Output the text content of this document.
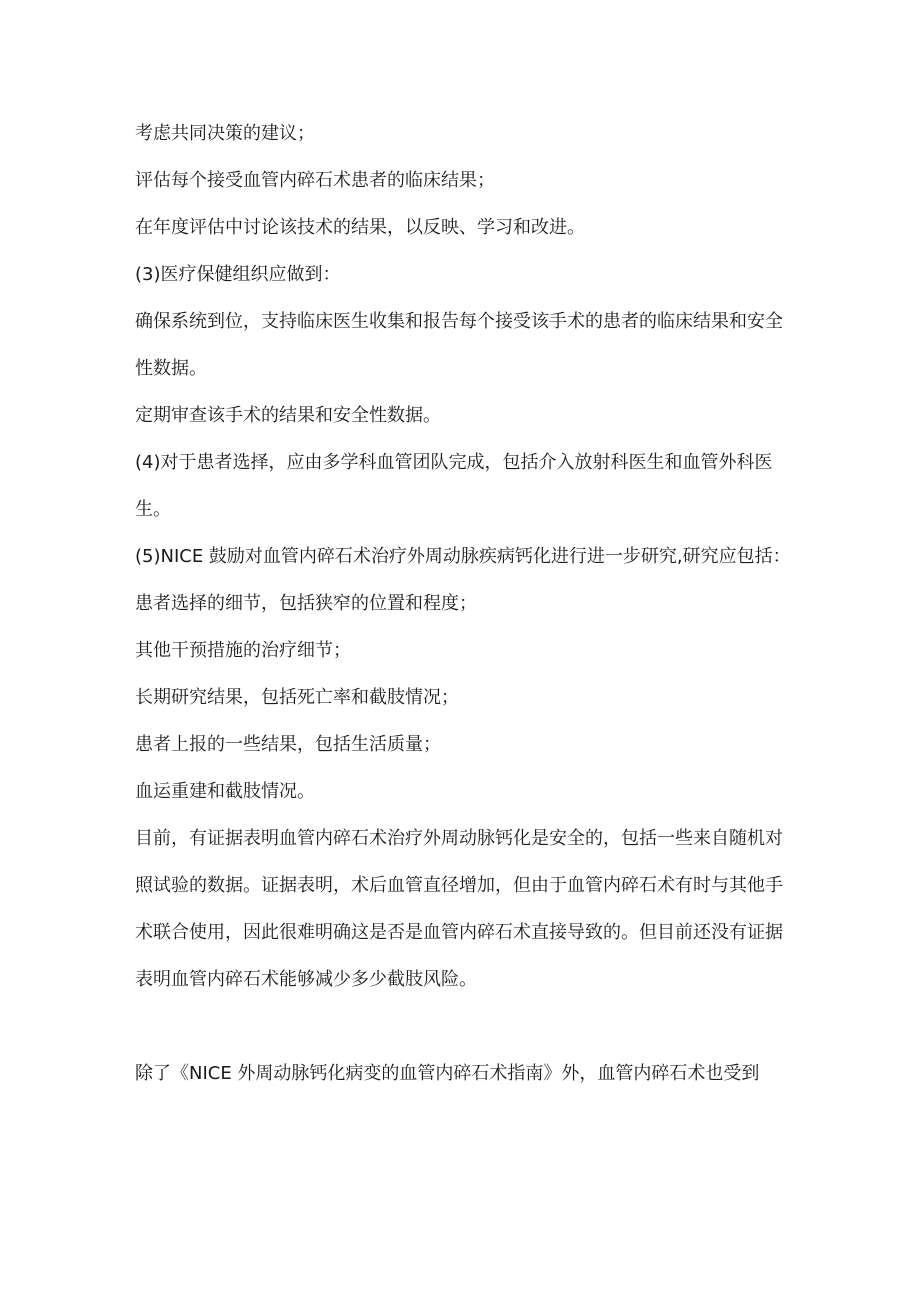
考虑共同决策的建议；

评估每个接受血管内碎石术患者的临床结果；

在年度评估中讨论该技术的结果，以反映、学习和改进。

(3)医疗保健组织应做到：

确保系统到位，支持临床医生收集和报告每个接受该手术的患者的临床结果和安全性数据。

定期审查该手术的结果和安全性数据。

(4)对于患者选择，应由多学科血管团队完成，包括介入放射科医生和血管外科医生。

(5)NICE 鼓励对血管内碎石术治疗外周动脉疾病钙化进行进一步研究,研究应包括：

患者选择的细节，包括狭窄的位置和程度；

其他干预措施的治疗细节；

长期研究结果，包括死亡率和截肢情况；

患者上报的一些结果，包括生活质量；

血运重建和截肢情况。

目前，有证据表明血管内碎石术治疗外周动脉钙化是安全的，包括一些来自随机对照试验的数据。证据表明，术后血管直径增加，但由于血管内碎石术有时与其他手术联合使用，因此很难明确这是否是血管内碎石术直接导致的。但目前还没有证据表明血管内碎石术能够减少多少截肢风险。

除了《NICE 外周动脉钙化病变的血管内碎石术指南》外，血管内碎石术也受到
